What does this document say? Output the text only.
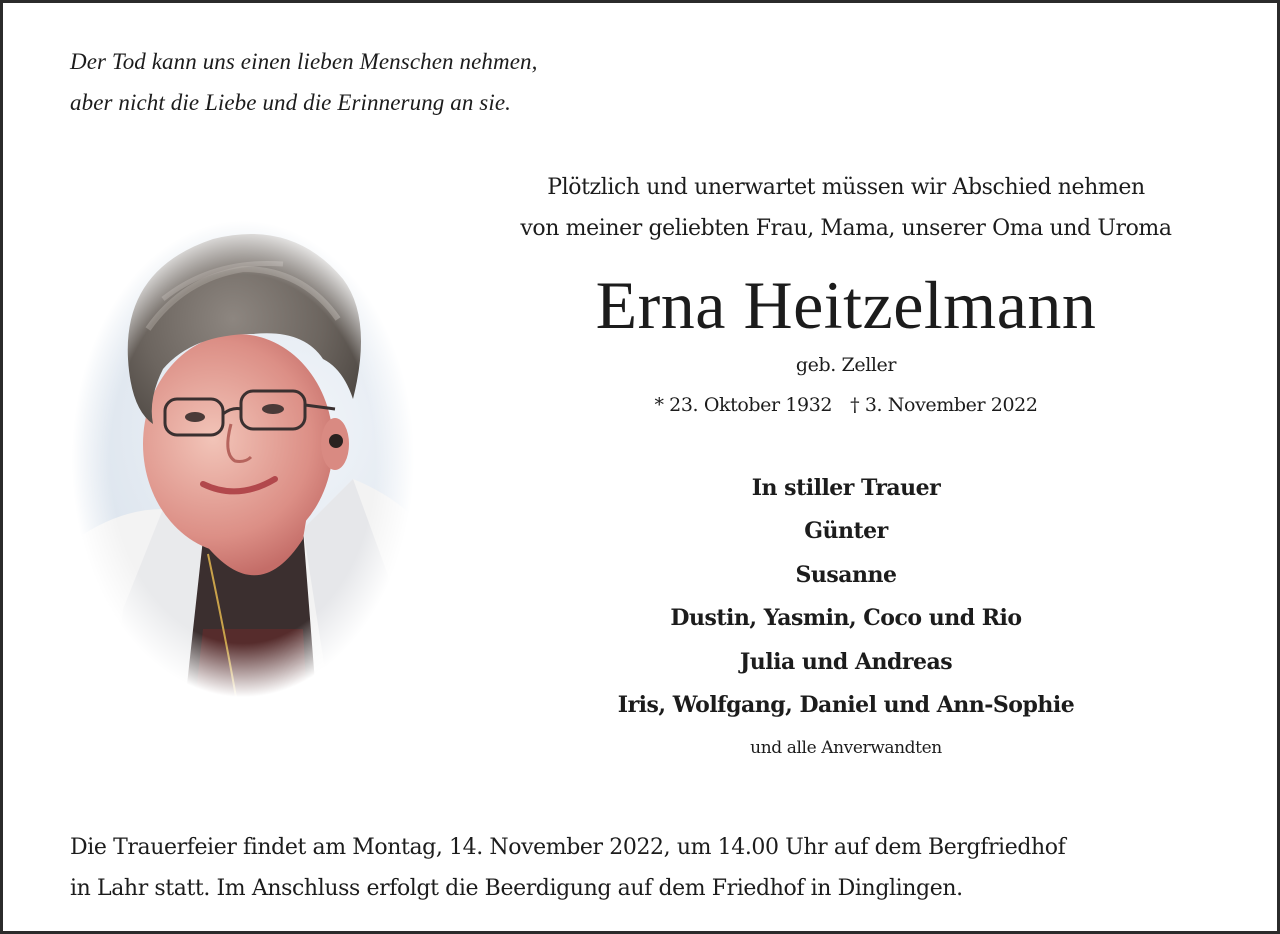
Der Tod kann uns einen lieben Menschen nehmen,
aber nicht die Liebe und die Erinnerung an sie.
Plötzlich und unerwartet müssen wir Abschied nehmen
von meiner geliebten Frau, Mama, unserer Oma und Uroma
Erna Heitzelmann
geb. Zeller
* 23. Oktober 1932 † 3. November 2022
In stiller Trauer
Günter
Susanne
Dustin, Yasmin, Coco und Rio
Julia und Andreas
Iris, Wolfgang, Daniel und Ann-Sophie
und alle Anverwandten
Die Trauerfeier findet am Montag, 14. November 2022, um 14.00 Uhr auf dem Bergfriedhof
in Lahr statt. Im Anschluss erfolgt die Beerdigung auf dem Friedhof in Dinglingen.
